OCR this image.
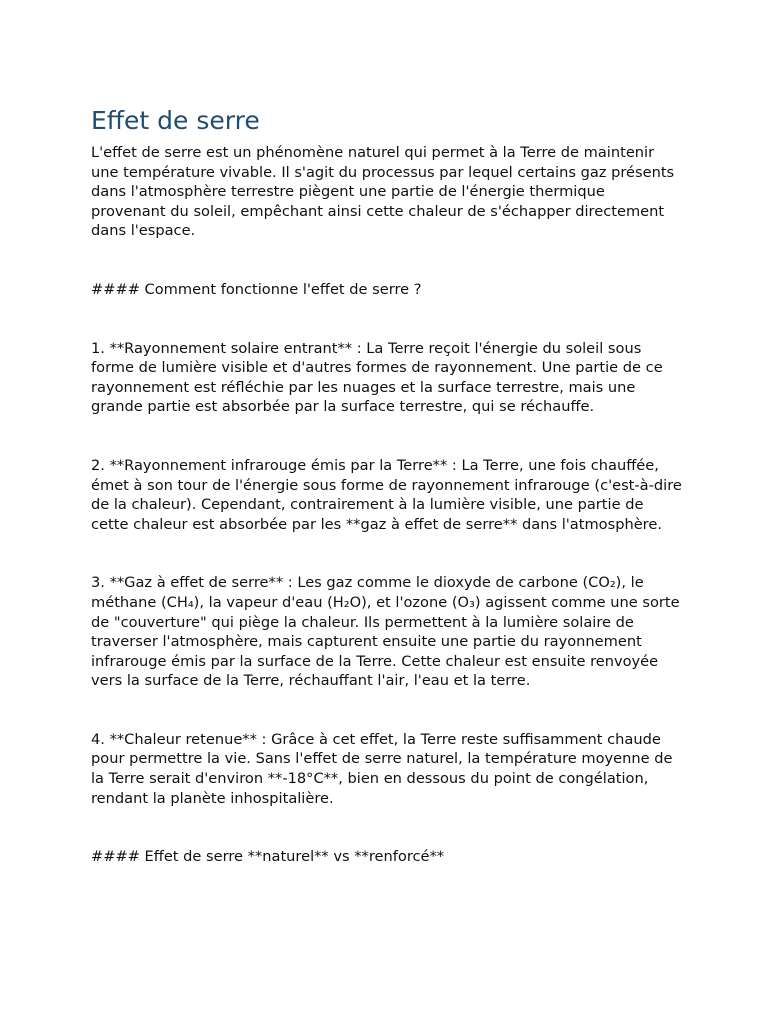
Effet de serre

L'effet de serre est un phénomène naturel qui permet à la Terre de maintenir une température vivable. Il s'agit du processus par lequel certains gaz présents dans l'atmosphère terrestre piègent une partie de l'énergie thermique provenant du soleil, empêchant ainsi cette chaleur de s'échapper directement dans l'espace.

#### Comment fonctionne l'effet de serre ?

1. **Rayonnement solaire entrant** : La Terre reçoit l'énergie du soleil sous forme de lumière visible et d'autres formes de rayonnement. Une partie de ce rayonnement est réfléchie par les nuages et la surface terrestre, mais une grande partie est absorbée par la surface terrestre, qui se réchauffe.

2. **Rayonnement infrarouge émis par la Terre** : La Terre, une fois chauffée, émet à son tour de l'énergie sous forme de rayonnement infrarouge (c'est-à-dire de la chaleur). Cependant, contrairement à la lumière visible, une partie de cette chaleur est absorbée par les **gaz à effet de serre** dans l'atmosphère.

3. **Gaz à effet de serre** : Les gaz comme le dioxyde de carbone (CO₂), le méthane (CH₄), la vapeur d'eau (H₂O), et l'ozone (O₃) agissent comme une sorte de "couverture" qui piège la chaleur. Ils permettent à la lumière solaire de traverser l'atmosphère, mais capturent ensuite une partie du rayonnement infrarouge émis par la surface de la Terre. Cette chaleur est ensuite renvoyée vers la surface de la Terre, réchauffant l'air, l'eau et la terre.

4. **Chaleur retenue** : Grâce à cet effet, la Terre reste suffisamment chaude pour permettre la vie. Sans l'effet de serre naturel, la température moyenne de la Terre serait d'environ **-18°C**, bien en dessous du point de congélation, rendant la planète inhospitalière.

#### Effet de serre **naturel** vs **renforcé**
